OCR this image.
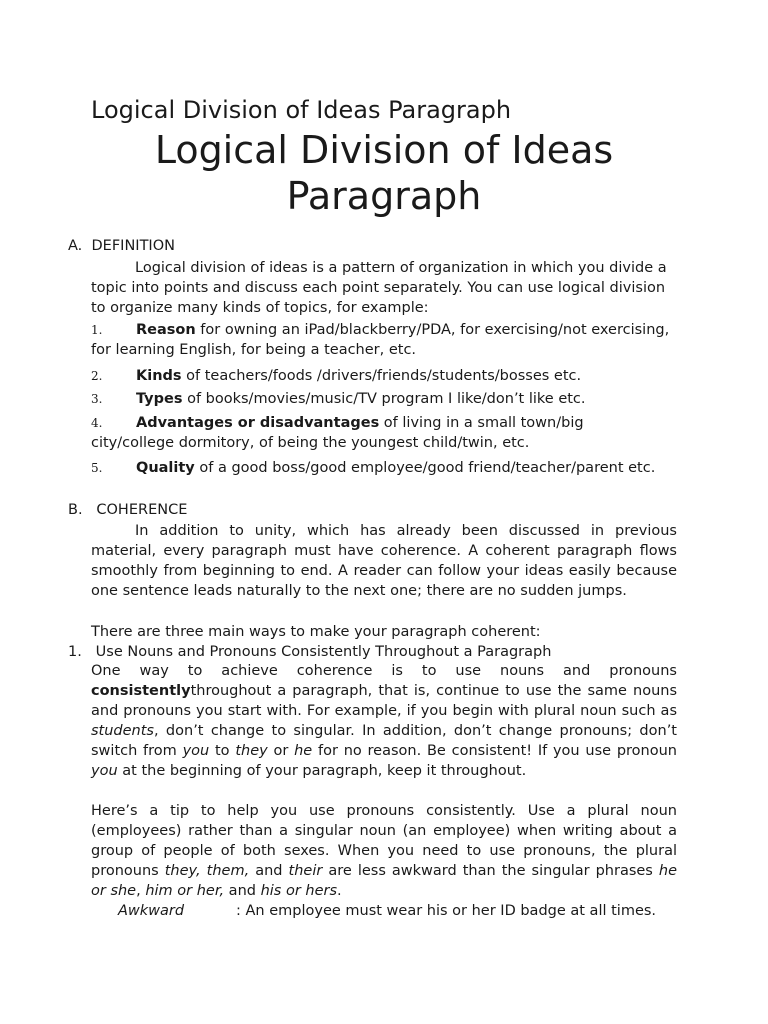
Logical Division of Ideas Paragraph
Logical Division of Ideas Paragraph
A. DEFINITION

Logical division of ideas is a pattern of organization in which you divide a topic into points and discuss each point separately. You can use logical division to organize many kinds of topics, for example:

1. Reason for owning an iPad/blackberry/PDA, for exercising/not exercising, for learning English, for being a teacher, etc.

2. Kinds of teachers/foods /drivers/friends/students/bosses etc.

3. Types of books/movies/music/TV program I like/don’t like etc.

4. Advantages or disadvantages of living in a small town/big city/college dormitory, of being the youngest child/twin, etc.

5. Quality of a good boss/good employee/good friend/teacher/parent etc.

B. COHERENCE

In addition to unity, which has already been discussed in previous material, every paragraph must have coherence. A coherent paragraph flows smoothly from beginning to end. A reader can follow your ideas easily because one sentence leads naturally to the next one; there are no sudden jumps.

There are three main ways to make your paragraph coherent:

1. Use Nouns and Pronouns Consistently Throughout a Paragraph

One way to achieve coherence is to use nouns and pronouns consistentlythroughout a paragraph, that is, continue to use the same nouns and pronouns you start with. For example, if you begin with plural noun such as students, don’t change to singular. In addition, don’t change pronouns; don’t switch from you to they or he for no reason. Be consistent! If you use pronoun you at the beginning of your paragraph, keep it throughout.

Here’s a tip to help you use pronouns consistently. Use a plural noun (employees) rather than a singular noun (an employee) when writing about a group of people of both sexes. When you need to use pronouns, the plural pronouns they, them, and their are less awkward than the singular phrases he or she, him or her, and his or hers.

Awkward	: An employee must wear his or her ID badge at all times.
